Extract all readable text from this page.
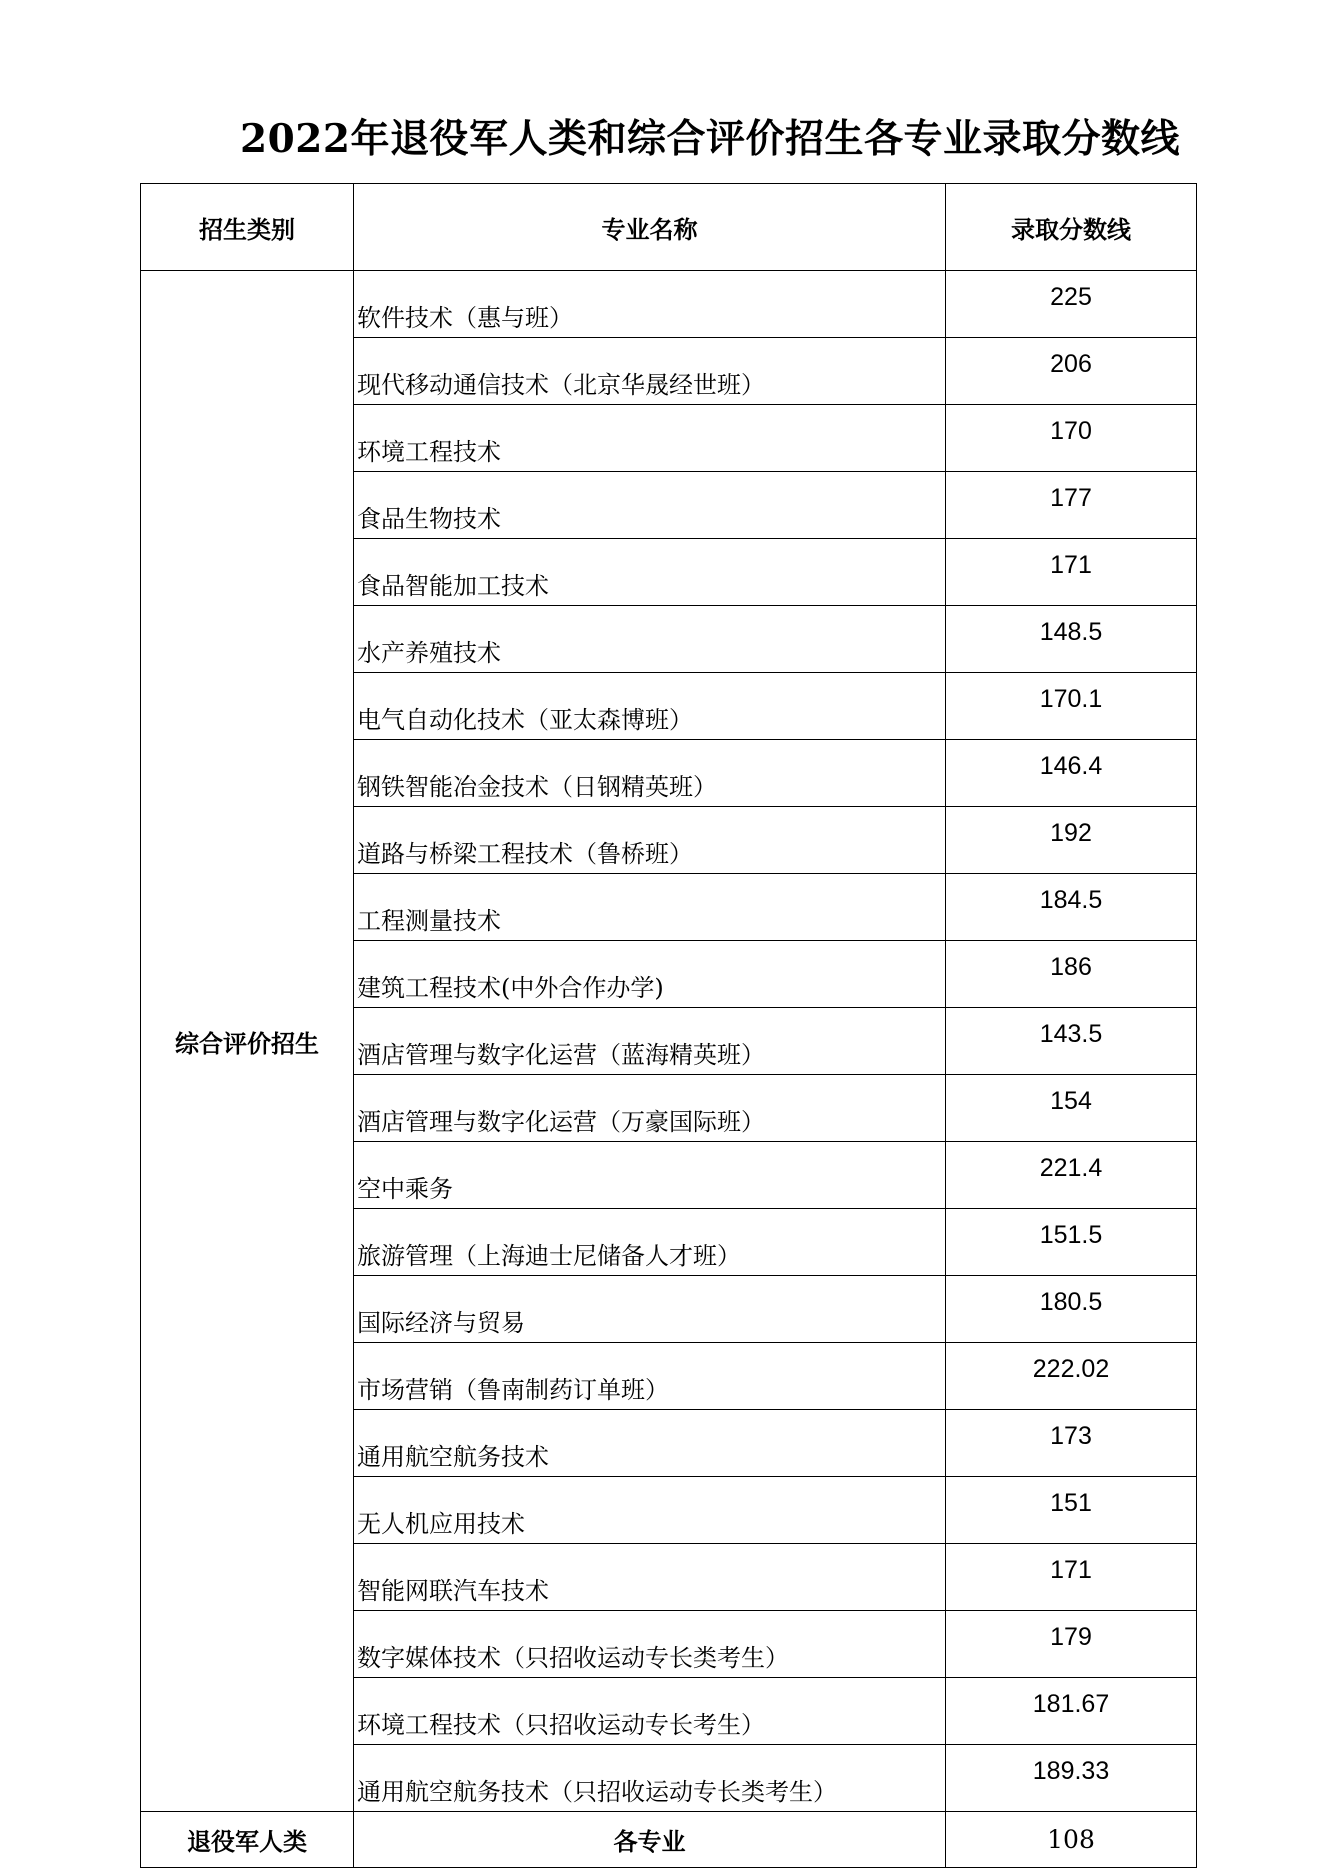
2022年退役军人类和综合评价招生各专业录取分数线
招生类别	专业名称	录取分数线
综合评价招生	软件技术（惠与班）	225
	现代移动通信技术（北京华晟经世班）	206
	环境工程技术	170
	食品生物技术	177
	食品智能加工技术	171
	水产养殖技术	148.5
	电气自动化技术（亚太森博班）	170.1
	钢铁智能冶金技术（日钢精英班）	146.4
	道路与桥梁工程技术（鲁桥班）	192
	工程测量技术	184.5
	建筑工程技术(中外合作办学)	186
	酒店管理与数字化运营（蓝海精英班）	143.5
	酒店管理与数字化运营（万豪国际班）	154
	空中乘务	221.4
	旅游管理（上海迪士尼储备人才班）	151.5
	国际经济与贸易	180.5
	市场营销（鲁南制药订单班）	222.02
	通用航空航务技术	173
	无人机应用技术	151
	智能网联汽车技术	171
	数字媒体技术（只招收运动专长类考生）	179
	环境工程技术（只招收运动专长考生）	181.67
	通用航空航务技术（只招收运动专长类考生）	189.33
退役军人类	各专业	108
